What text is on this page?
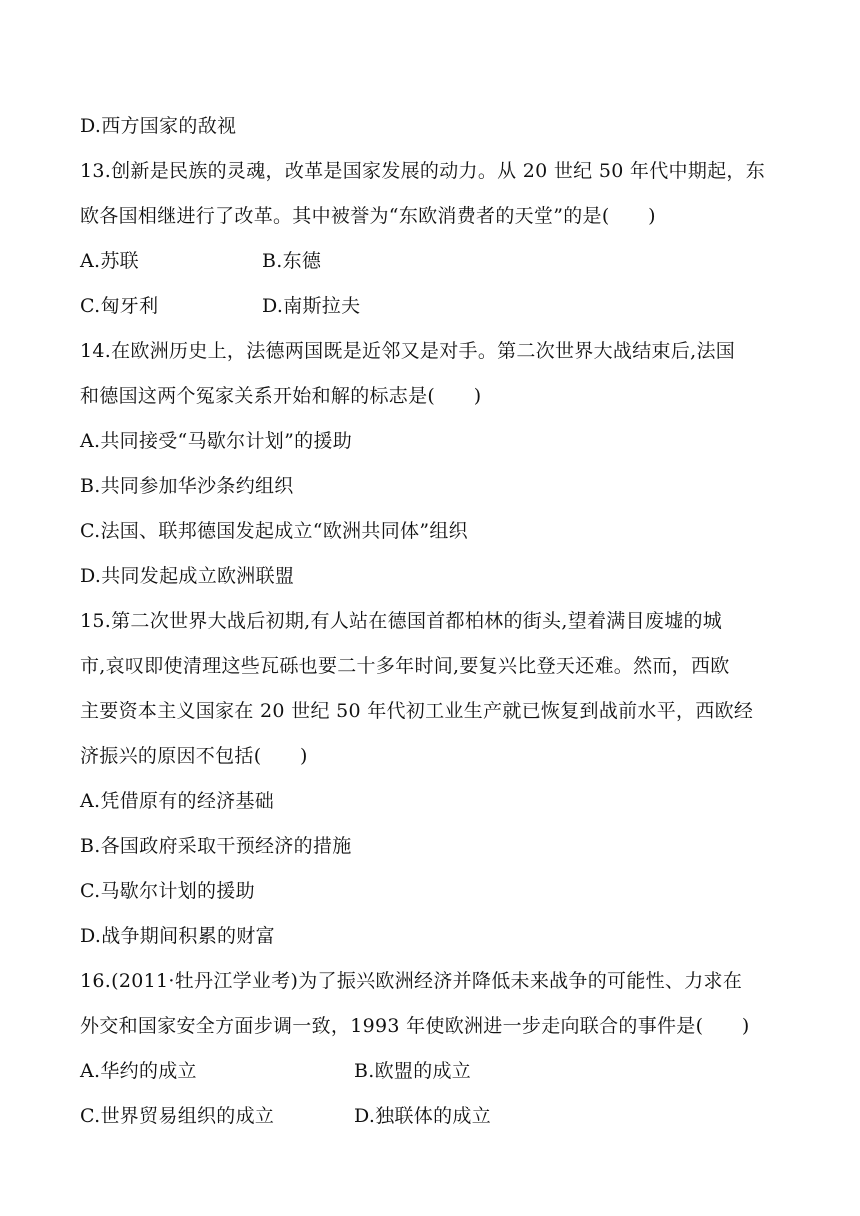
D.西方国家的敌视
13.创新是民族的灵魂，改革是国家发展的动力。从 20 世纪 50 年代中期起，东
欧各国相继进行了改革。其中被誉为“东欧消费者的天堂”的是(　　)
A.苏联	B.东德
C.匈牙利	D.南斯拉夫
14.在欧洲历史上，法德两国既是近邻又是对手。第二次世界大战结束后,法国
和德国这两个冤家关系开始和解的标志是(　　)
A.共同接受“马歇尔计划”的援助
B.共同参加华沙条约组织
C.法国、联邦德国发起成立“欧洲共同体”组织
D.共同发起成立欧洲联盟
15.第二次世界大战后初期,有人站在德国首都柏林的街头,望着满目废墟的城
市,哀叹即使清理这些瓦砾也要二十多年时间,要复兴比登天还难。然而，西欧
主要资本主义国家在 20 世纪 50 年代初工业生产就已恢复到战前水平，西欧经
济振兴的原因不包括(　　)
A.凭借原有的经济基础
B.各国政府采取干预经济的措施
C.马歇尔计划的援助
D.战争期间积累的财富
16.(2011·牡丹江学业考)为了振兴欧洲经济并降低未来战争的可能性、力求在
外交和国家安全方面步调一致，1993 年使欧洲进一步走向联合的事件是(　　)
A.华约的成立	B.欧盟的成立
C.世界贸易组织的成立	D.独联体的成立
